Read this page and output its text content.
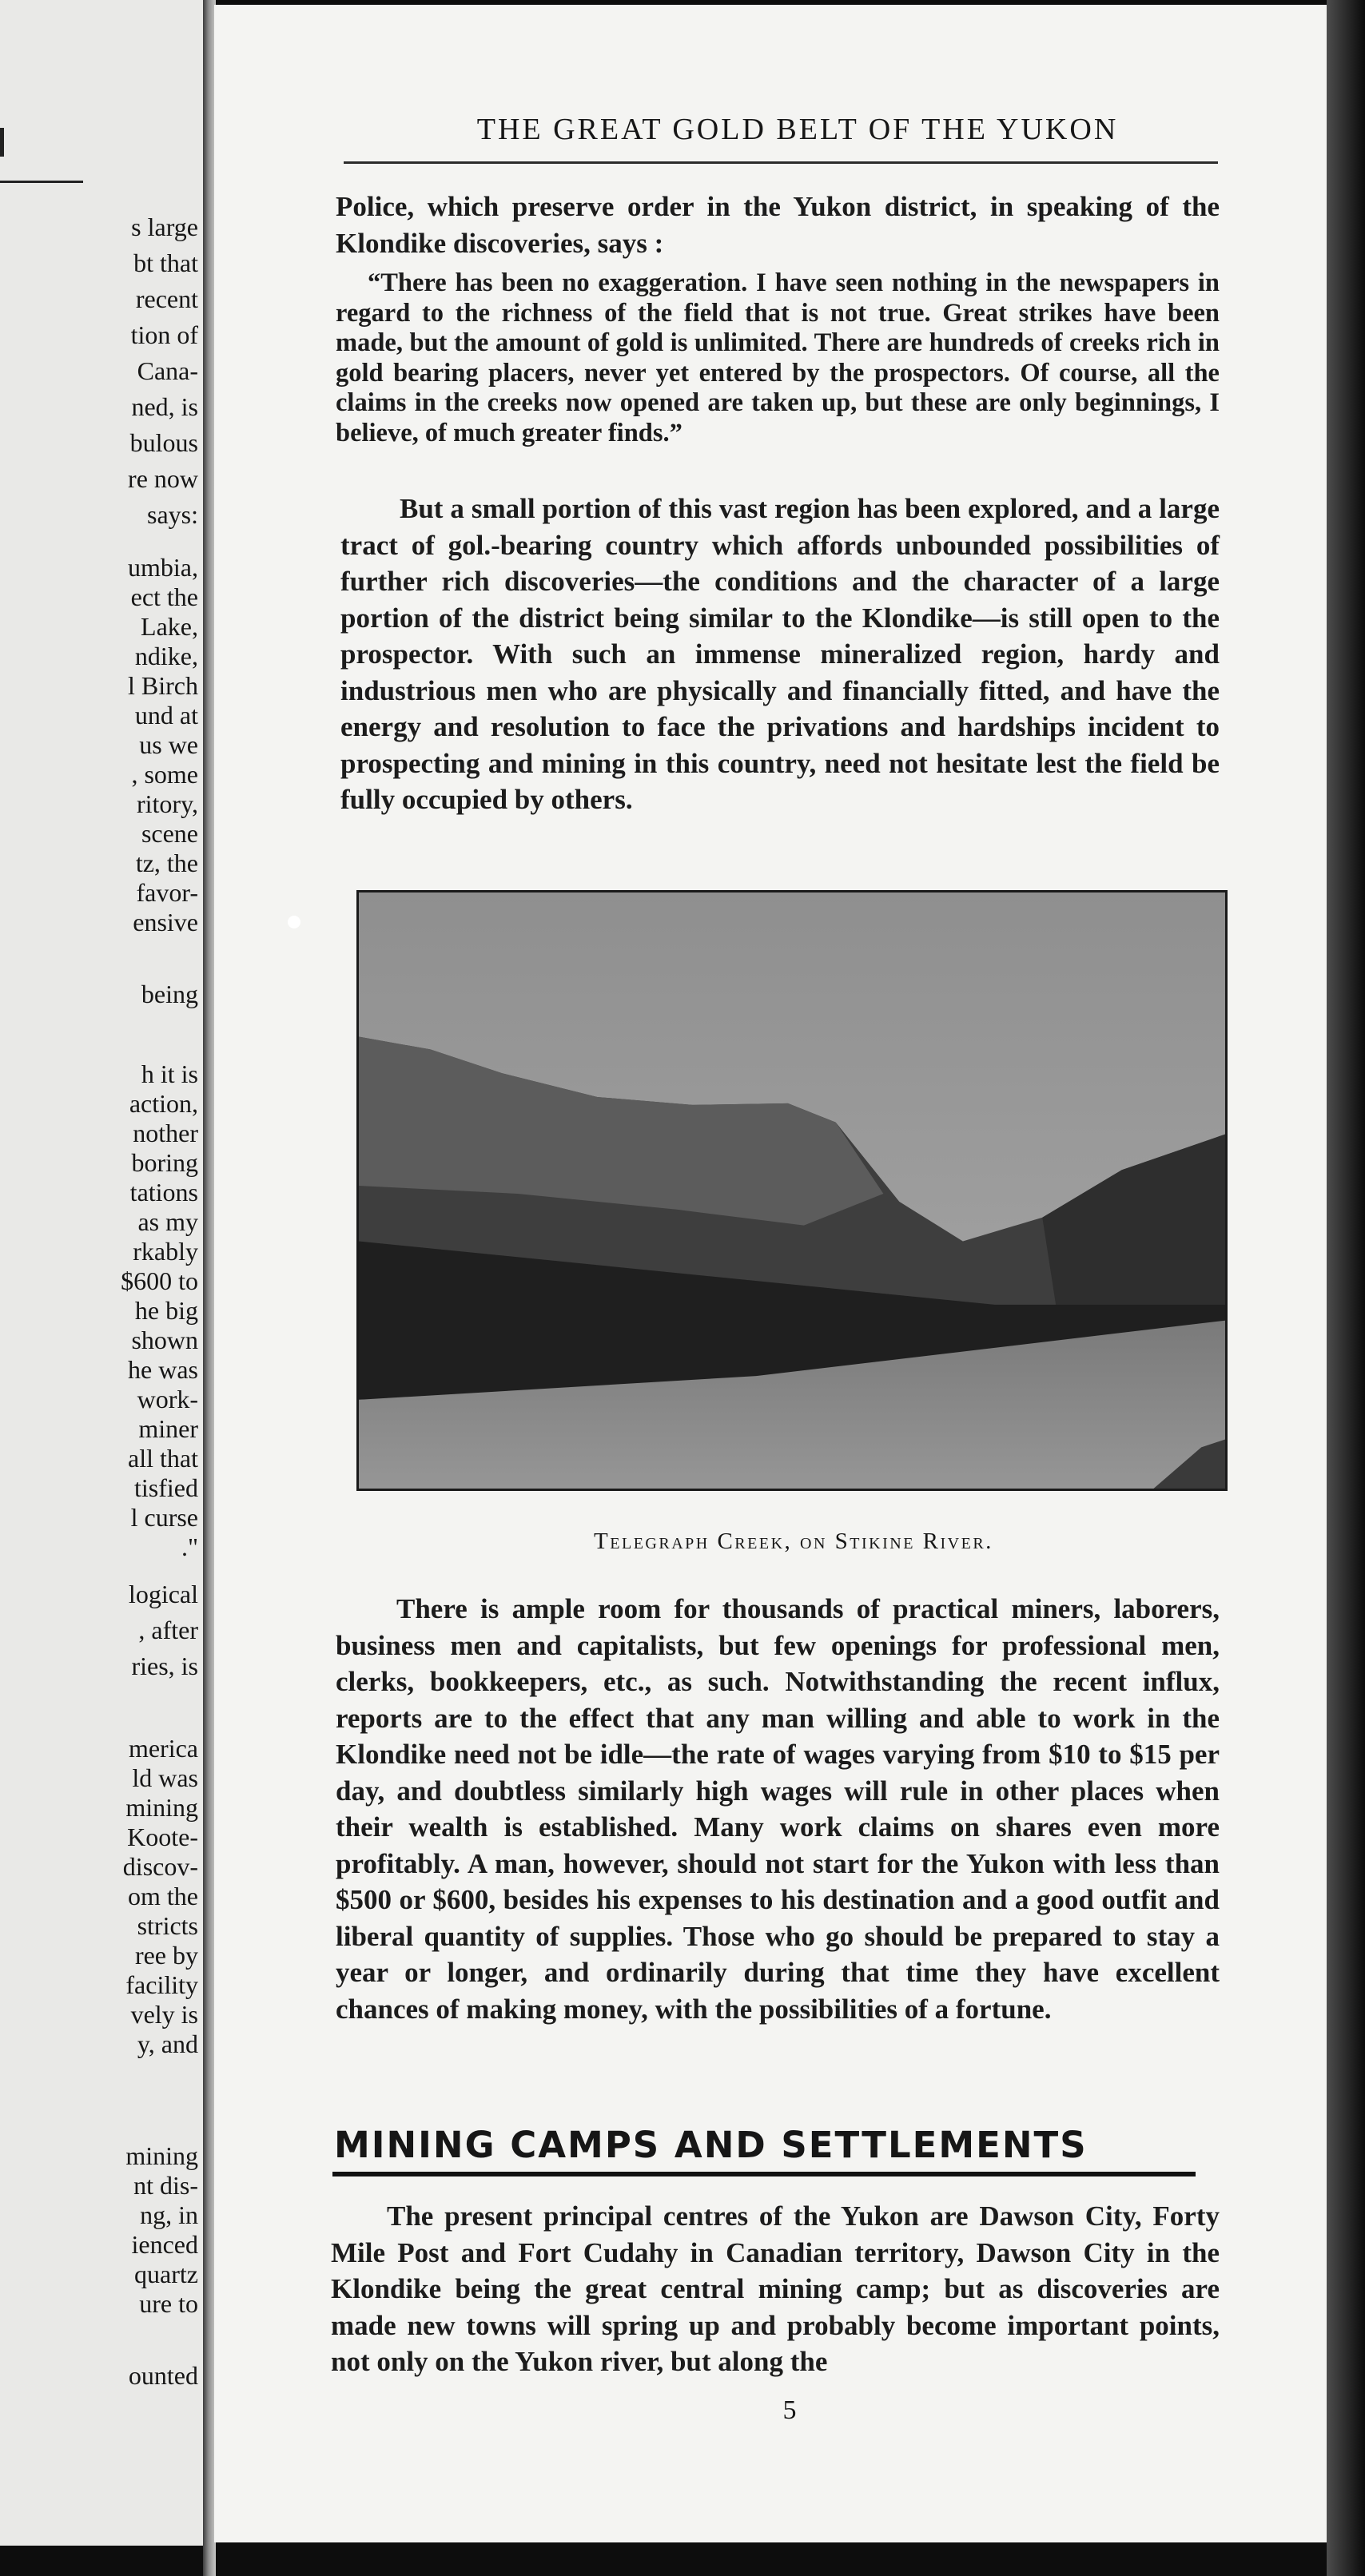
s large

bt that

recent

tion of

Cana-

ned, is

bulous

re now

says:

umbia,

ect the

Lake,

ndike,

l Birch

und at

us we

, some

ritory,

scene

tz, the

favor-

ensive

being

h it is

action,

nother

boring

tations

as my

rkably

$600 to

he big

shown

he was

work-

miner

all that

tisfied

l curse

."

logical

, after

ries, is

merica

ld was

mining

Koote-

discov-

om the

stricts

ree by

facility

vely is

y, and

mining

nt dis-

ng, in

ienced

quartz

ure to

ounted

THE GREAT GOLD BELT OF THE YUKON

Police, which preserve order in the Yukon district, in speaking of the Klondike discoveries, says :

“There has been no exaggeration. I have seen nothing in the newspapers in regard to the richness of the field that is not true. Great strikes have been made, but the amount of gold is unlimited. There are hundreds of creeks rich in gold bearing placers, never yet entered by the prospectors. Of course, all the claims in the creeks now opened are taken up, but these are only beginnings, I believe, of much greater finds.”

But a small portion of this vast region has been explored, and a large tract of gol.-bearing country which affords unbounded possibilities of further rich discoveries—the conditions and the character of a large portion of the district being similar to the Klondike—is still open to the prospector. With such an immense mineralized region, hardy and industrious men who are physically and financially fitted, and have the energy and resolution to face the privations and hardships incident to prospecting and mining in this country, need not hesitate lest the field be fully occupied by others.

Telegraph Creek, on Stikine River.

There is ample room for thousands of practical miners, laborers, business men and capitalists, but few openings for professional men, clerks, bookkeepers, etc., as such. Notwithstanding the recent influx, reports are to the effect that any man willing and able to work in the Klondike need not be idle—the rate of wages varying from $10 to $15 per day, and doubtless similarly high wages will rule in other places when their wealth is established. Many work claims on shares even more profitably. A man, however, should not start for the Yukon with less than $500 or $600, besides his expenses to his destination and a good outfit and liberal quantity of supplies. Those who go should be prepared to stay a year or longer, and ordinarily during that time they have excellent chances of making money, with the possibilities of a fortune.

MINING CAMPS AND SETTLEMENTS

The present principal centres of the Yukon are Dawson City, Forty Mile Post and Fort Cudahy in Canadian territory, Dawson City in the Klondike being the great central mining camp; but as discoveries are made new towns will spring up and probably become important points, not only on the Yukon river, but along the

5
